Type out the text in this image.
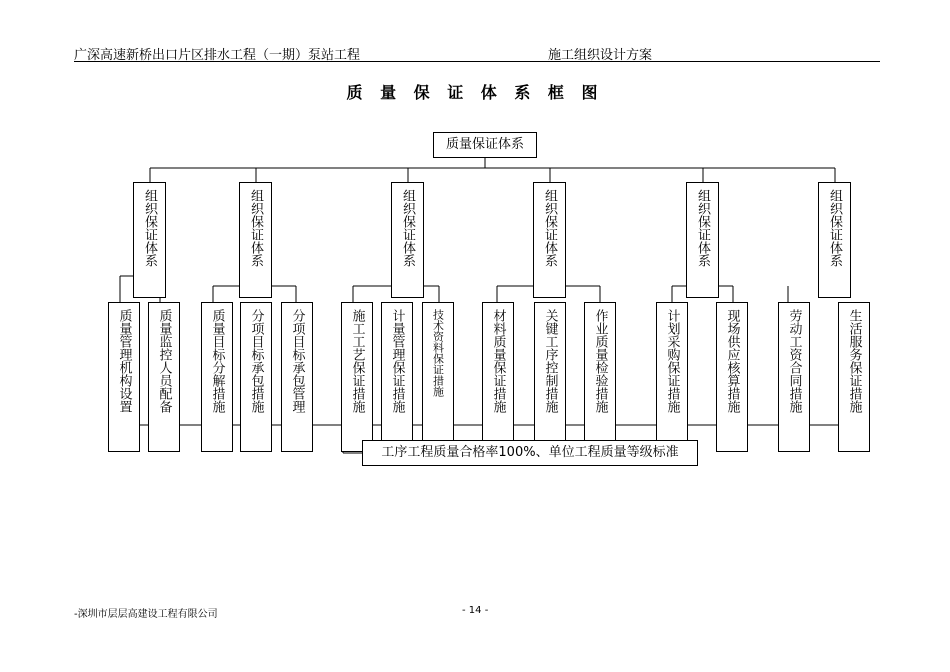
广深高速新桥出口片区排水工程（一期）泵站工程	施工组织设计方案
质 量 保 证 体 系 框 图
质量保证体系
组织保证体系	组织保证体系	组织保证体系	组织保证体系	组织保证体系	组织保证体系
质量管理机构设置 质量监控人员配备	质量目标分解措施 分项目标承包措施 分项目标承包管理	施工工艺保证措施 计量管理保证措施 技术资料保证措施	材料质量保证措施	关键工序控制措施	作业质量检验措施	计划采购保证措施	现场供应核算措施	劳动工资合同措施	生活服务保证措施
工序工程质量合格率100%、单位工程质量等级标准
-深圳市层层高建设工程有限公司	- 14 -
